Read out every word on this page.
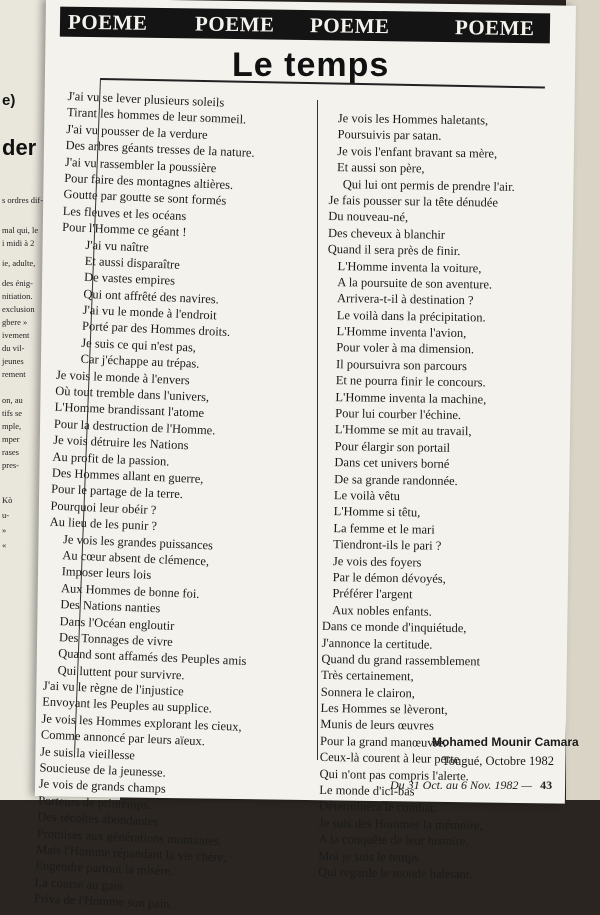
e)
der
s ordres dif-
mal qui, le
i midi à 2
ie, adulte,
des énig-
nitiation.
exclusion
gbere »
ivement
du vil-
jeunes
rement
on, au
tifs se
mple,
mper
rases
pres-
Kò
u-
»
«
POEME POEME POEME	POEME
Le temps
J'ai vu se lever plusieurs soleils
Tirant les hommes de leur sommeil.
J'ai vu pousser de la verdure
Des arbres géants tresses de la nature.
J'ai vu rassembler la poussière
Pour faire des montagnes altières.
Goutte par goutte se sont formés
Les fleuves et les océans
Pour l'Homme ce géant !
J'ai vu naître
Et aussi disparaître
De vastes empires
Qui ont affrêté des navires.
J'ai vu le monde à l'endroit
Porté par des Hommes droits.
Je suis ce qui n'est pas,
Car j'échappe au trépas.
Je vois le monde à l'envers
Où tout tremble dans l'univers,
L'Homme brandissant l'atome
Pour la destruction de l'Homme.
Je vois détruire les Nations
Au profit de la passion.
Des Hommes allant en guerre,
Pour le partage de la terre.
Pourquoi leur obéir ?
Au lieu de les punir ?
Je vois les grandes puissances
Au cœur absent de clémence,
Imposer leurs lois
Aux Hommes de bonne foi.
Des Nations nanties
Dans l'Océan engloutir
Des Tonnages de vivre
Quand sont affamés des Peuples amis
Qui luttent pour survivre.
J'ai vu le règne de l'injustice
Envoyant les Peuples au supplice.
Je vois les Hommes explorant les cieux,
Comme annoncé par leurs aïeux.
Je suis la vieillesse
Soucieuse de la jeunesse.
Je vois de grands champs
Porteurs de printemps.
Des récoltes abondantes
Promises aux générations montantes.
Mais l'Homme répandant la vie chère,
Engendre partout la misère.
La course au gain
Priva de l'Homme son pain.
Je vois les Hommes haletants,
Poursuivis par satan.
Je vois l'enfant bravant sa mère,
Et aussi son père,
Qui lui ont permis de prendre l'air.
Je fais pousser sur la tête dénudée
Du nouveau-né,
Des cheveux à blanchir
Quand il sera près de finir.
L'Homme inventa la voiture,
A la poursuite de son aventure.
Arrivera-t-il à destination ?
Le voilà dans la précipitation.
L'Homme inventa l'avion,
Pour voler à ma dimension.
Il poursuivra son parcours
Et ne pourra finir le concours.
L'Homme inventa la machine,
Pour lui courber l'échine.
L'Homme se mit au travail,
Pour élargir son portail
Dans cet univers borné
De sa grande randonnée.
Le voilà vêtu
L'Homme si têtu,
La femme et le mari
Tiendront-ils le pari ?
Je vois des foyers
Par le démon dévoyés,
Préférer l'argent
Aux nobles enfants.
Dans ce monde d'inquiétude,
J'annonce la certitude.
Quand du grand rassemblement
Très certainement,
Sonnera le clairon,
Les Hommes se lèveront,
Munis de leurs œuvres
Pour la grand manœuvre.
Ceux-là courent à leur perte
Qui n'ont pas compris l'alerte.
Le monde d'ici-bas
Déterminera le combat.
Je suis des Hommes la mémoire,
A la conquête de leur histoire.
Moi je suis le temps
Qui regarde le monde haletant.
Mohamed Mounir Camara
Tougué, Octobre 1982
Du 31 Oct. au 6 Nov. 1982 — 43
